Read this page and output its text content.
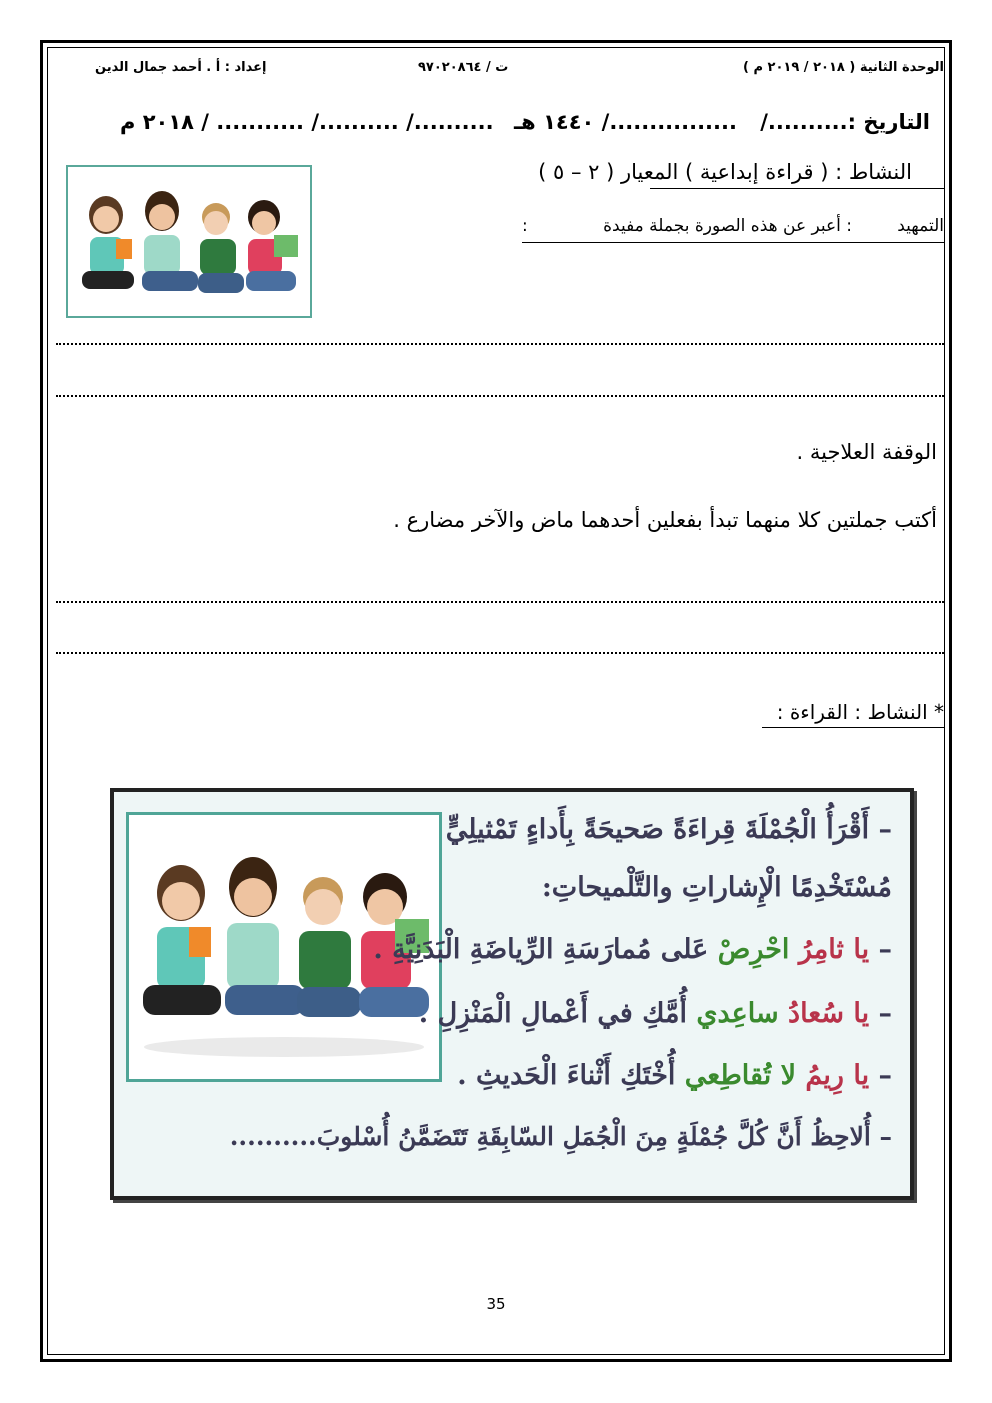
الوحدة الثانية ( ٢٠١٨ / ٢٠١٩ م )
ت / ٩٧٠٢٠٨٦٤
إعداد : أ . أحمد جمال الدين
التاريخ :........../
................/ ١٤٤٠ هـ
........../ ........../ ........... / ٢٠١٨ م
النشاط : ( قراءة إبداعية ) المعيار ( ٢ – ٥ )
التمهيد
: أعبر عن هذه الصورة بجملة مفيدة
:
الوقفة العلاجية .
أكتب جملتين كلا منهما تبدأ بفعلين أحدهما ماض والآخر مضارع .
* النشاط : القراءة :
– أَقْرَأُ الْجُمْلَةَ قِراءَةً صَحيحَةً بِأَداءٍ تَمْثيلِيٍّ
مُسْتَخْدِمًا الْإِشاراتِ والتَّلْميحاتِ:
– يا ثامِرُ احْرِصْ عَلى مُمارَسَةِ الرِّياضَةِ الْبَدَنِيَّةِ .
– يا سُعادُ ساعِدي أُمَّكِ في أَعْمالِ الْمَنْزِلِ .
– يا رِيمُ لا تُقاطِعي أُخْتَكِ أَثْناءَ الْحَديثِ .
– أُلاحِظُ أَنَّ كُلَّ جُمْلَةٍ مِنَ الْجُمَلِ السّابِقَةِ تَتَضَمَّنُ أُسْلوبَ..........
35
